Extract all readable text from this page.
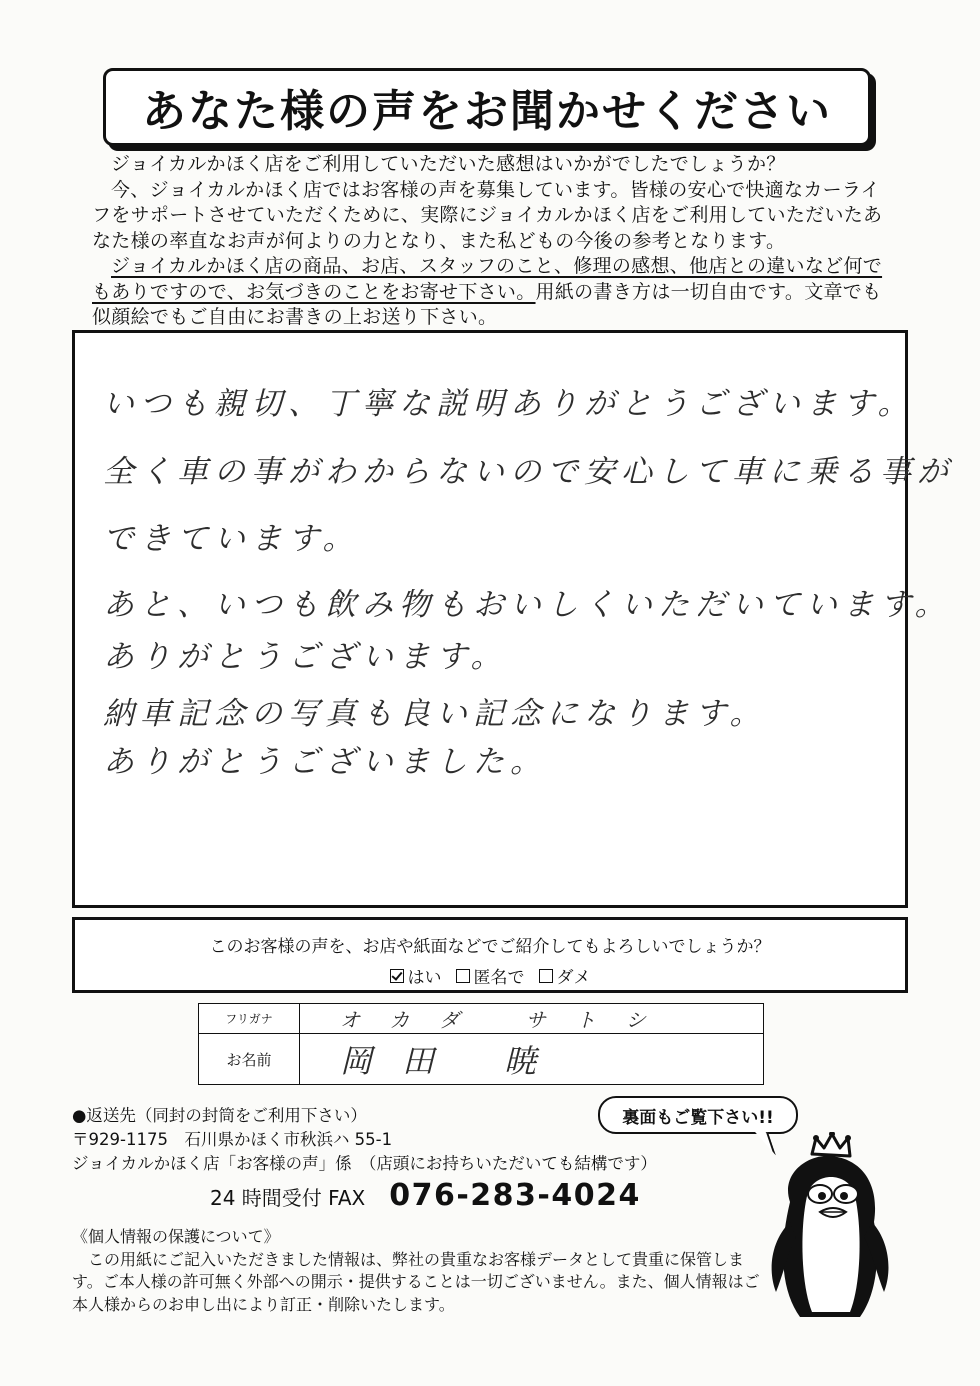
あなた様の声をお聞かせください

ジョイカルかほく店をご利用していただいた感想はいかがでしたでしょうか？

今、ジョイカルかほく店ではお客様の声を募集しています。皆様の安心で快適なカーライフをサポートさせていただくために、実際にジョイカルかほく店をご利用していただいたあなた様の率直なお声が何よりの力となり、また私どもの今後の参考となります。

ジョイカルかほく店の商品、お店、スタッフのこと、修理の感想、他店との違いなど何でもありですので、お気づきのことをお寄せ下さい。用紙の書き方は一切自由です。文章でも似顔絵でもご自由にお書きの上お送り下さい。

いつも親切、丁寧な説明ありがとうございます。
全く車の事がわからないので安心して車に乗る事が
できています。
あと、いつも飲み物もおいしくいただいています。
ありがとうございます。
納車記念の写真も良い記念になります。
ありがとうございました。
このお客様の声を、お店や紙面などでご紹介してもよろしいでしょうか？
はい 匿名で ダメ
フリガナ	オカダ サトシ
お名前	岡田 暁
●返送先（同封の封筒をご利用下さい）
〒929-1175　石川県かほく市秋浜ハ 55-1
ジョイカルかほく店「お客様の声」係　（店頭にお持ちいただいても結構です）
24 時間受付 FAX 076-283-4024

《個人情報の保護について》

この用紙にご記入いただきました情報は、弊社の貴重なお客様データとして貴重に保管します。ご本人様の許可無く外部への開示・提供することは一切ございません。また、個人情報はご本人様からのお申し出により訂正・削除いたします。

裏面もご覧下さい!!
